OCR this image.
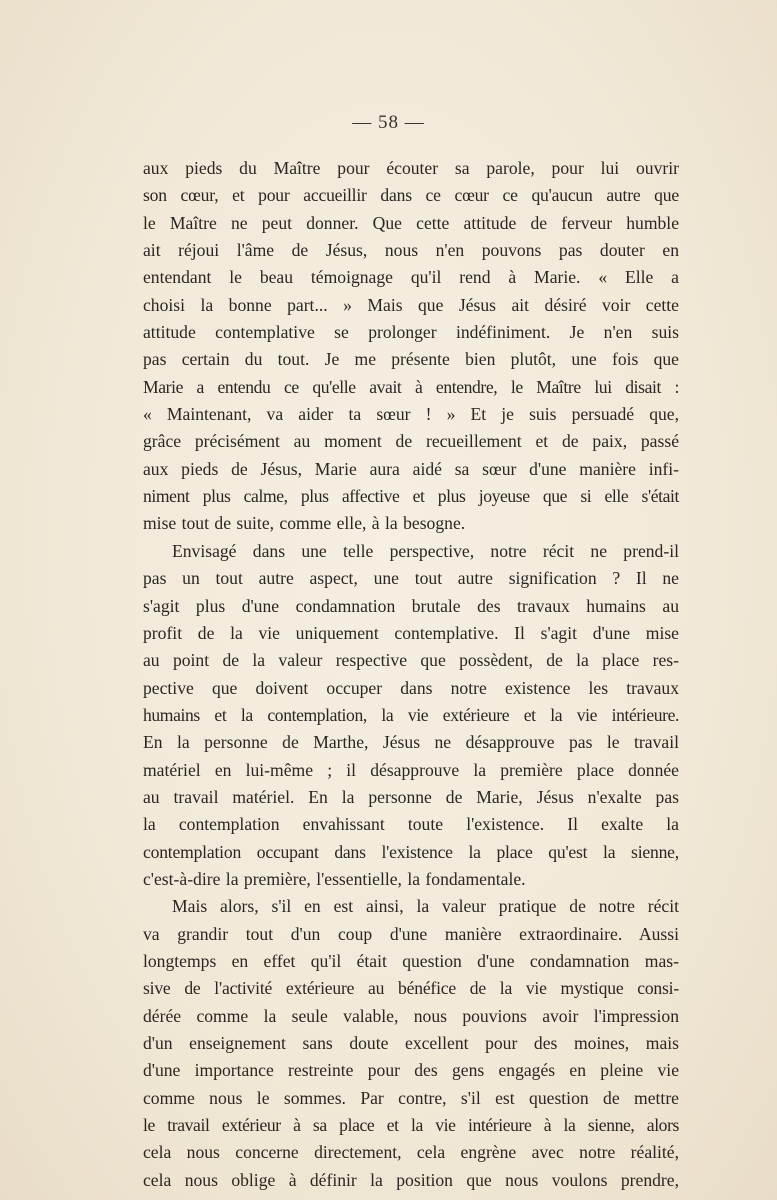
— 58 —
aux pieds du Maître pour écouter sa parole, pour lui ouvrir
son cœur, et pour accueillir dans ce cœur ce qu'aucun autre que
le Maître ne peut donner. Que cette attitude de ferveur humble
ait réjoui l'âme de Jésus, nous n'en pouvons pas douter en
entendant le beau témoignage qu'il rend à Marie. « Elle a
choisi la bonne part... » Mais que Jésus ait désiré voir cette
attitude contemplative se prolonger indéfiniment. Je n'en suis
pas certain du tout. Je me présente bien plutôt, une fois que
Marie a entendu ce qu'elle avait à entendre, le Maître lui disait :
« Maintenant, va aider ta sœur ! » Et je suis persuadé que,
grâce précisément au moment de recueillement et de paix, passé
aux pieds de Jésus, Marie aura aidé sa sœur d'une manière infi-
niment plus calme, plus affective et plus joyeuse que si elle s'était
mise tout de suite, comme elle, à la besogne.
Envisagé dans une telle perspective, notre récit ne prend-il
pas un tout autre aspect, une tout autre signification ? Il ne
s'agit plus d'une condamnation brutale des travaux humains au
profit de la vie uniquement contemplative. Il s'agit d'une mise
au point de la valeur respective que possèdent, de la place res-
pective que doivent occuper dans notre existence les travaux
humains et la contemplation, la vie extérieure et la vie intérieure.
En la personne de Marthe, Jésus ne désapprouve pas le travail
matériel en lui-même ; il désapprouve la première place donnée
au travail matériel. En la personne de Marie, Jésus n'exalte pas
la contemplation envahissant toute l'existence. Il exalte la
contemplation occupant dans l'existence la place qu'est la sienne,
c'est-à-dire la première, l'essentielle, la fondamentale.
Mais alors, s'il en est ainsi, la valeur pratique de notre récit
va grandir tout d'un coup d'une manière extraordinaire. Aussi
longtemps en effet qu'il était question d'une condamnation mas-
sive de l'activité extérieure au bénéfice de la vie mystique consi-
dérée comme la seule valable, nous pouvions avoir l'impression
d'un enseignement sans doute excellent pour des moines, mais
d'une importance restreinte pour des gens engagés en pleine vie
comme nous le sommes. Par contre, s'il est question de mettre
le travail extérieur à sa place et la vie intérieure à la sienne, alors
cela nous concerne directement, cela engrène avec notre réalité,
cela nous oblige à définir la position que nous voulons prendre,
